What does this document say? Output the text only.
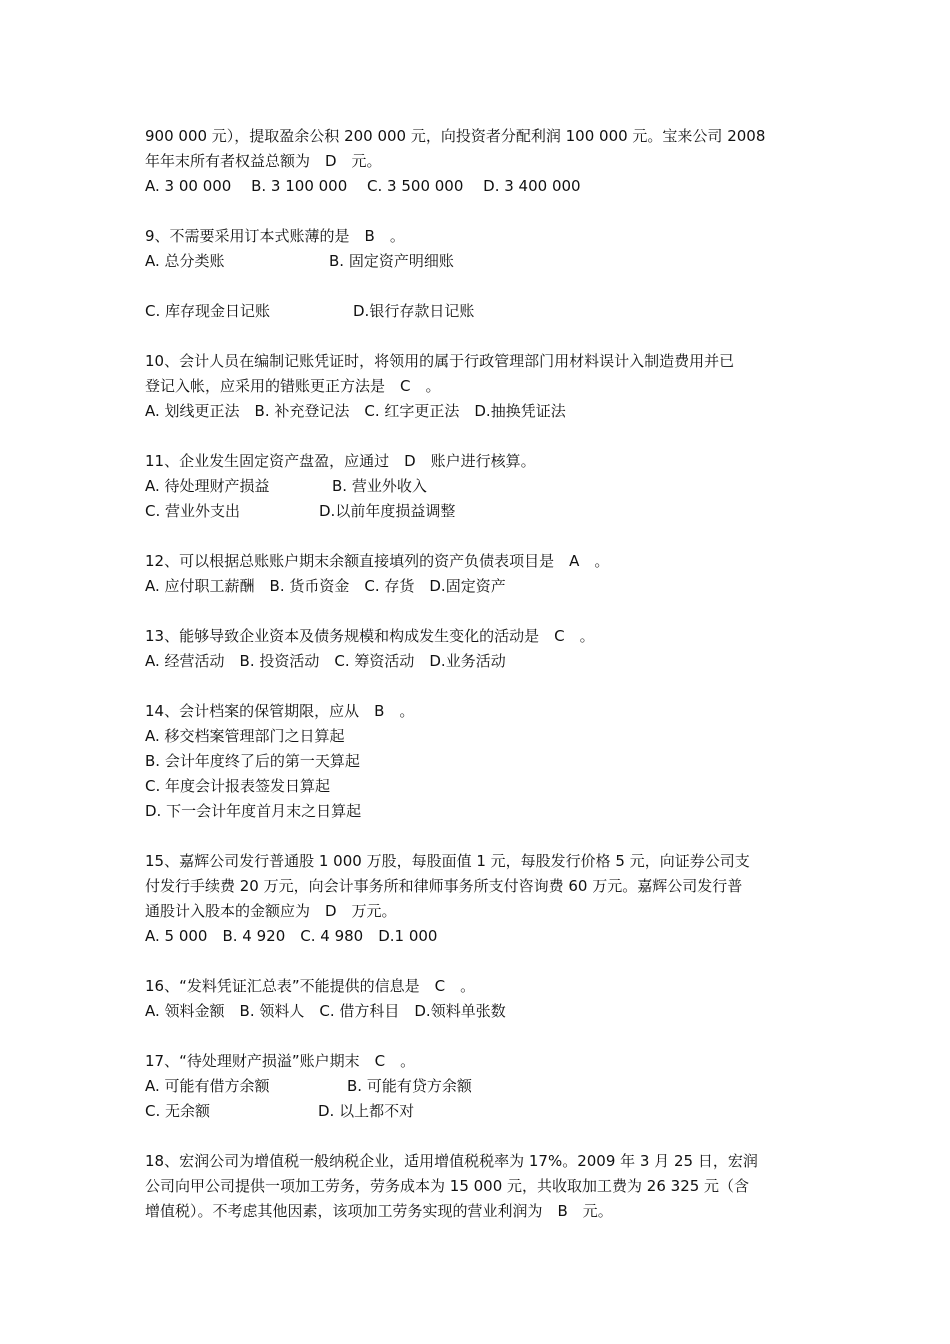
900 000 元），提取盈余公积 200 000 元，向投资者分配利润 100 000 元。宝来公司 2008
年年末所有者权益总额为　D　元。
A. 3 00 000　 B. 3 100 000　 C. 3 500 000　 D. 3 400 000
9、不需要采用订本式账薄的是　B　。
A. 总分类账	B. 固定资产明细账
C. 库存现金日记账	D.银行存款日记账
10、会计人员在编制记账凭证时，将领用的属于行政管理部门用材料误计入制造费用并已
登记入帐，应采用的错账更正方法是　C　。
A. 划线更正法　B. 补充登记法　C. 红字更正法　D.抽换凭证法
11、企业发生固定资产盘盈，应通过　D　账户进行核算。
A. 待处理财产损益	B. 营业外收入
C. 营业外支出	D.以前年度损益调整
12、可以根据总账账户期末余额直接填列的资产负债表项目是　A　。
A. 应付职工薪酬　B. 货币资金　C. 存货　D.固定资产
13、能够导致企业资本及债务规模和构成发生变化的活动是　C　。
A. 经营活动　B. 投资活动　C. 筹资活动　D.业务活动
14、会计档案的保管期限，应从　B　。
A. 移交档案管理部门之日算起
B. 会计年度终了后的第一天算起
C. 年度会计报表签发日算起
D. 下一会计年度首月末之日算起
15、嘉辉公司发行普通股 1 000 万股，每股面值 1 元，每股发行价格 5 元，向证券公司支
付发行手续费 20 万元，向会计事务所和律师事务所支付咨询费 60 万元。嘉辉公司发行普
通股计入股本的金额应为　D　万元。
A. 5 000　B. 4 920　C. 4 980　D.1 000
16、“发料凭证汇总表”不能提供的信息是　C　。
A. 领料金额　B. 领料人　C. 借方科目　D.领料单张数
17、“待处理财产损溢”账户期末　C　。
A. 可能有借方余额	B. 可能有贷方余额
C. 无余额	D. 以上都不对
18、宏润公司为增值税一般纳税企业，适用增值税税率为 17%。2009 年 3 月 25 日，宏润
公司向甲公司提供一项加工劳务，劳务成本为 15 000 元，共收取加工费为 26 325 元（含
增值税）。不考虑其他因素，该项加工劳务实现的营业利润为　B　元。
